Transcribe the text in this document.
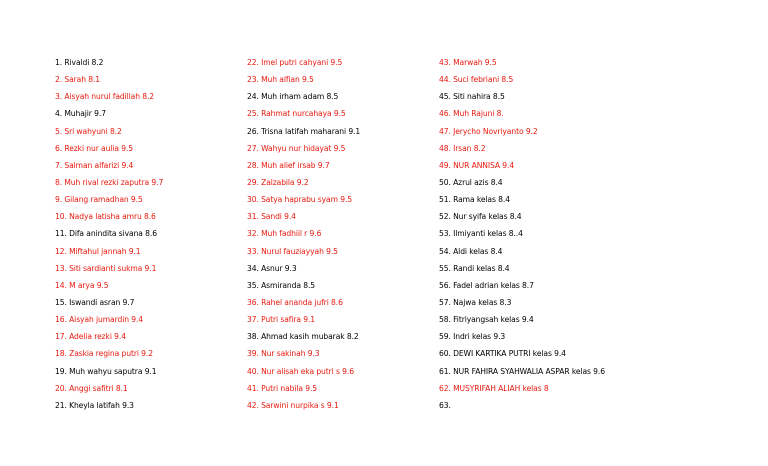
1. Rivaldi 8.2
2. Sarah 8.1
3. Aisyah nurul fadillah 8.2
4. Muhajir 9.7
5. Sri wahyuni 8.2
6. Rezki nur aulia 9.5
7. Salman alfarizi 9.4
8. Muh rival rezki zaputra 9.7
9. Gilang ramadhan 9.5
10. Nadya latisha amru 8.6
11. Difa anindita sivana 8.6
12. Miftahul jannah 9.1
13. Siti sardianti sukma 9.1
14. M arya 9.5
15. Iswandi asran 9.7
16. Aisyah jumardin 9.4
17. Adelia rezki 9.4
18. Zaskia regina putri 9.2
19. Muh wahyu saputra 9.1
20. Anggi safitri 8.1
21. Kheyla latifah 9.3
22. Imel putri cahyani 9.5
23. Muh alfian 9.5
24. Muh irham adam 8.5
25. Rahmat nurcahaya 9.5
26. Trisna latifah maharani 9.1
27. Wahyu nur hidayat 9.5
28. Muh alief irsab 9.7
29. Zalzabila 9.2
30. Satya haprabu syam 9.5
31. Sandi 9.4
32. Muh fadhiil r 9.6
33. Nurul fauziayyah 9.5
34. Asnur 9.3
35. Asmiranda 8.5
36. Rahel ananda jufri 8.6
37. Putri safira 9.1
38. Ahmad kasih mubarak 8.2
39. Nur sakinah 9.3
40. Nur alisah eka putri s 9.6
41. Putri nabila 9.5
42. Sarwini nurpika s 9.1
43. Marwah 9.5
44. Suci febriani 8.5
45. Siti nahira 8.5
46. Muh Rajuni 8.
47. Jerycho Novriyanto 9.2
48. Irsan 8.2
49. NUR ANNISA 9.4
50. Azrul azis 8.4
51. Rama kelas 8.4
52. Nur syifa kelas 8.4
53. Ilmiyanti kelas 8..4
54. Aldi kelas 8.4
55. Randi kelas 8.4
56. Fadel adrian kelas 8.7
57. Najwa kelas 8.3
58. Fitriyangsah kelas 9.4
59. Indri kelas 9.3
60. DEWI KARTIKA PUTRI kelas 9.4
61. NUR FAHIRA SYAHWALIA ASPAR kelas 9.6
62. MUSYRIFAH ALIAH kelas 8
63.
